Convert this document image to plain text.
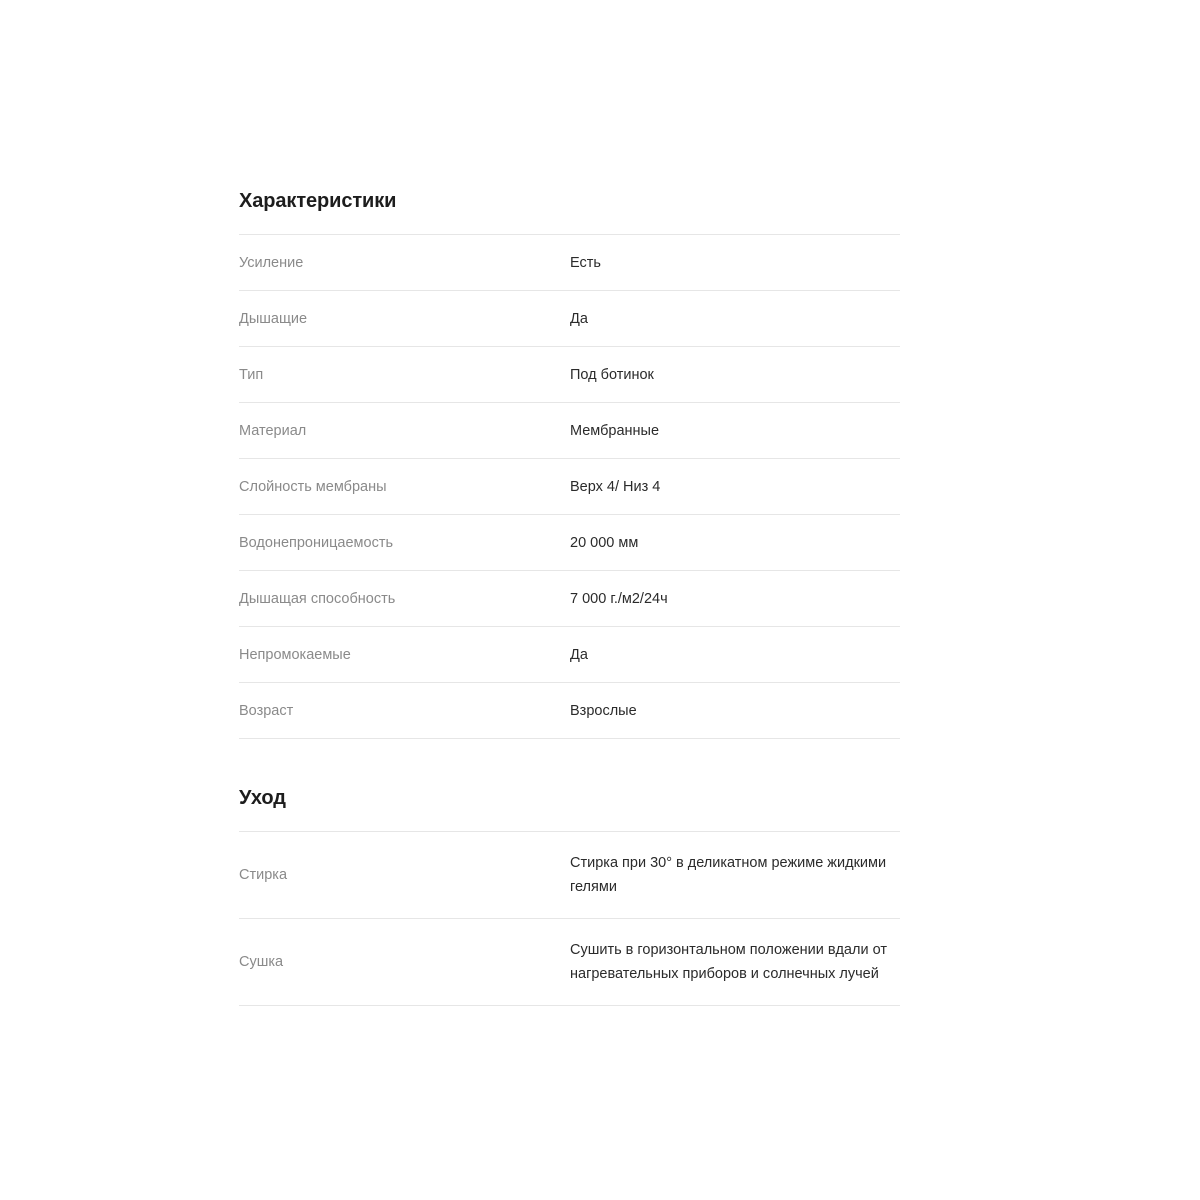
Характеристики
Усиление	Есть
Дышащие	Да
Тип	Под ботинок
Материал	Мембранные
Слойность мембраны	Верх 4/ Низ 4
Водонепроницаемость	20 000 мм
Дышащая способность	7 000 г./м2/24ч
Непромокаемые	Да
Возраст	Взрослые
Уход
Стирка	Стирка при 30° в деликатном режиме жидкими гелями
Сушка	Сушить в горизонтальном положении вдали от нагревательных приборов и солнечных лучей
